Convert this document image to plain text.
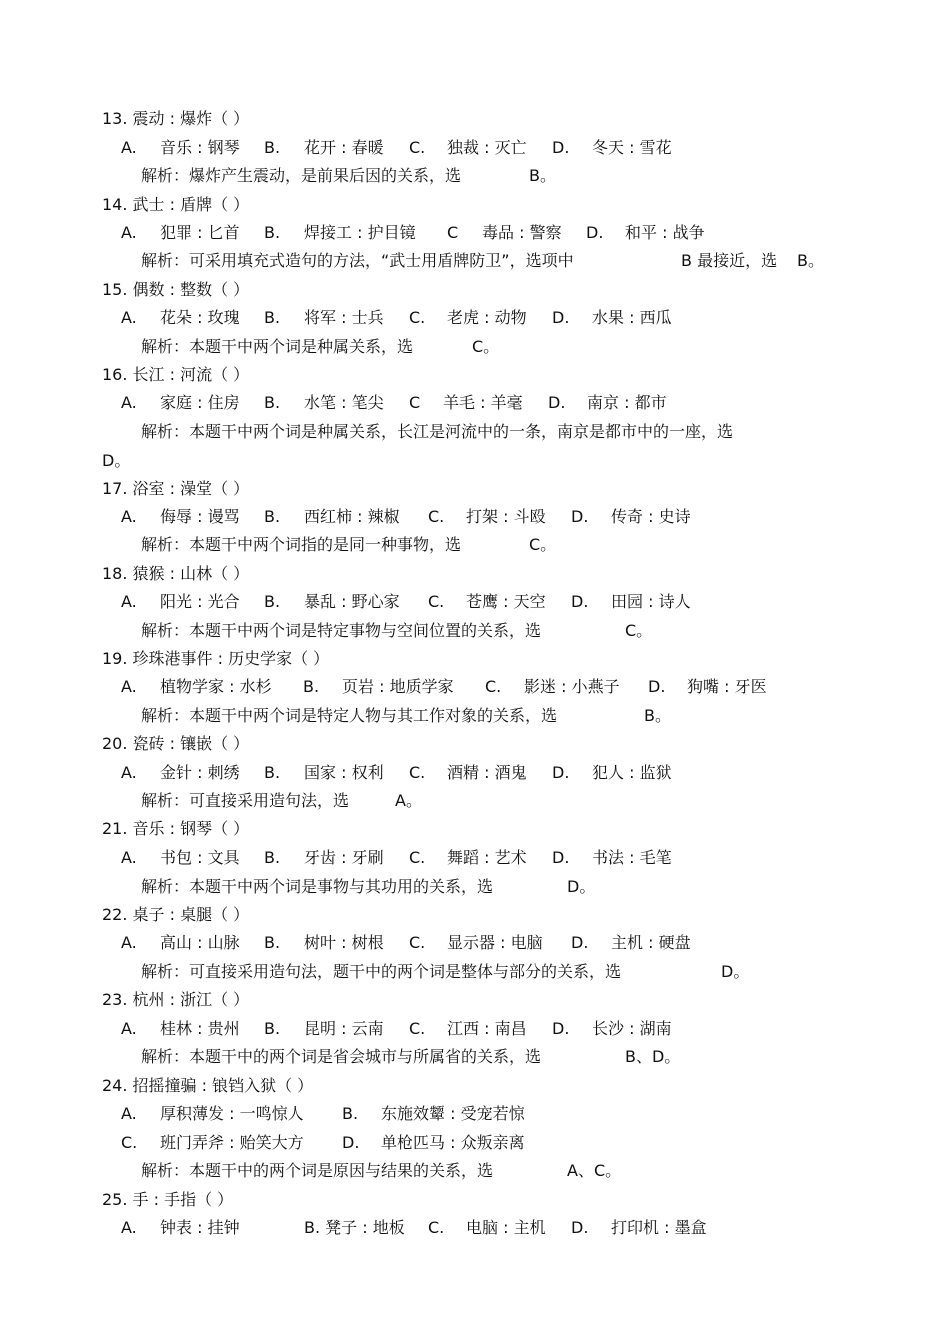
13. 震动 : 爆炸（ ）
A. 音乐 : 钢琴 B. 花开 : 春暖 C. 独裁 : 灭亡 D. 冬天 : 雪花
解析：爆炸产生震动，是前果后因的关系，选	B。
14. 武士 : 盾牌（ ）
A. 犯罪 : 匕首 B. 焊接工 : 护目镜 C 毒品 : 警察 D. 和平 : 战争
解析：可采用填充式造句的方法，“武士用盾牌防卫”，选项中	B 最接近，选 B。
15. 偶数 : 整数（ ）
A. 花朵 : 玫瑰 B. 将军 : 士兵 C. 老虎 : 动物 D. 水果 : 西瓜
解析：本题干中两个词是种属关系，选	C。
16. 长江 : 河流（ ）
A. 家庭 : 住房 B. 水笔 : 笔尖 C 羊毛 : 羊毫 D. 南京 : 都市
解析：本题干中两个词是种属关系，长江是河流中的一条，南京是都市中的一座，选
D。
17. 浴室 : 澡堂（ ）
A. 侮辱 : 谩骂 B. 西红柿 : 辣椒 C. 打架 : 斗殴 D. 传奇 : 史诗
解析：本题干中两个词指的是同一种事物，选	C。
18. 猿猴 : 山林（ ）
A. 阳光 : 光合 B. 暴乱 : 野心家 C. 苍鹰 : 天空 D. 田园 : 诗人
解析：本题干中两个词是特定事物与空间位置的关系，选	C。
19. 珍珠港事件 : 历史学家（ ）
A. 植物学家 : 水杉 B. 页岩 : 地质学家 C. 影迷 : 小燕子 D. 狗嘴 : 牙医
解析：本题干中两个词是特定人物与其工作对象的关系，选	B。
20. 瓷砖 : 镶嵌（ ）
A. 金针 : 刺绣 B. 国家 : 权利 C. 酒精 : 酒鬼 D. 犯人 : 监狱
解析：可直接采用造句法，选	A。
21. 音乐 : 钢琴（ ）
A. 书包 : 文具 B. 牙齿 : 牙刷 C. 舞蹈 : 艺术 D. 书法 : 毛笔
解析：本题干中两个词是事物与其功用的关系，选	D。
22. 桌子 : 桌腿（ ）
A. 高山 : 山脉 B. 树叶 : 树根 C. 显示器 : 电脑 D. 主机 : 硬盘
解析：可直接采用造句法，题干中的两个词是整体与部分的关系，选	D。
23. 杭州 : 浙江（ ）
A. 桂林 : 贵州 B. 昆明 : 云南 C. 江西 : 南昌 D. 长沙 : 湖南
解析：本题干中的两个词是省会城市与所属省的关系，选	B、D。
24. 招摇撞骗 : 锒铛入狱（ ）
A. 厚积薄发 : 一鸣惊人 B. 东施效颦 : 受宠若惊
C. 班门弄斧 : 贻笑大方 D. 单枪匹马 : 众叛亲离
解析：本题干中的两个词是原因与结果的关系，选	A、C。
25. 手 : 手指（ ）
A. 钟表 : 挂钟	B. 凳子 : 地板 C. 电脑 : 主机 D. 打印机 : 墨盒
